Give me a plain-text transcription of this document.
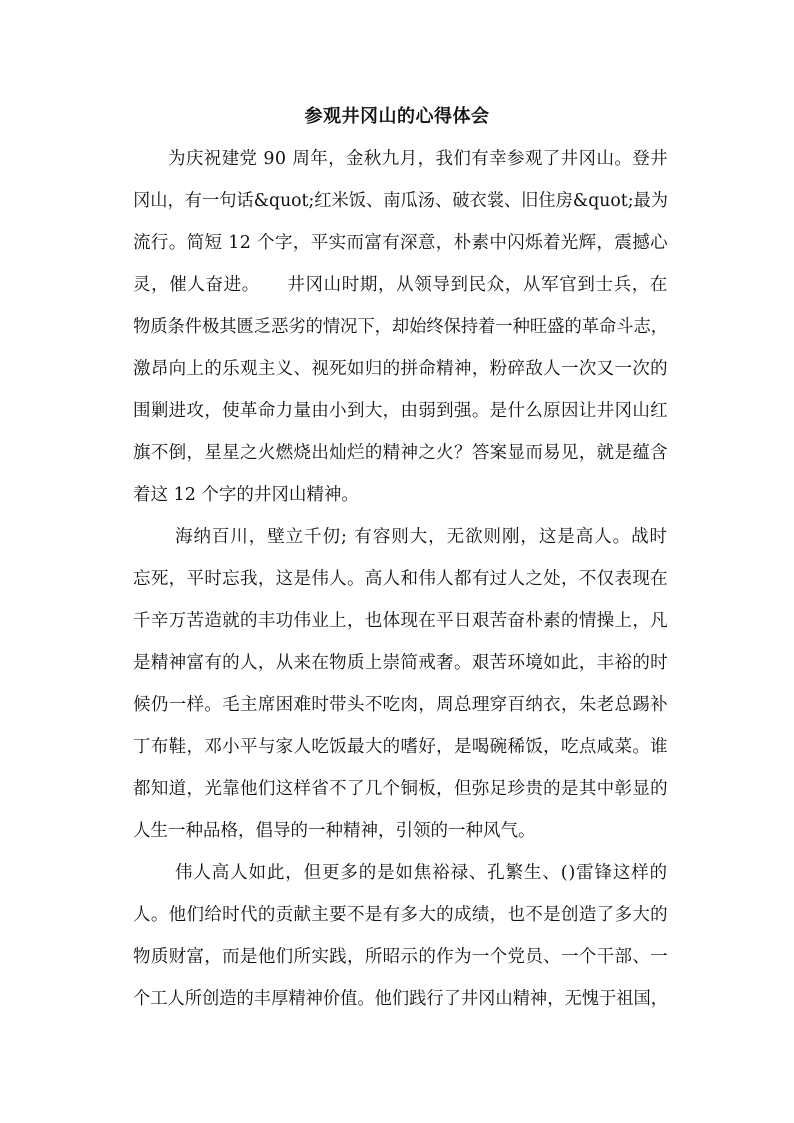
参观井冈山的心得体会
为庆祝建党 90 周年，金秋九月，我们有幸参观了井冈山。登井
冈山，有一句话&quot;红米饭、南瓜汤、破衣裳、旧住房&quot;最为
流行。简短 12 个字，平实而富有深意，朴素中闪烁着光辉，震撼心
灵，催人奋进。　　井冈山时期，从领导到民众，从军官到士兵，在
物质条件极其匮乏恶劣的情况下，却始终保持着一种旺盛的革命斗志，
激昂向上的乐观主义、视死如归的拼命精神，粉碎敌人一次又一次的
围剿进攻，使革命力量由小到大，由弱到强。是什么原因让井冈山红
旗不倒，星星之火燃烧出灿烂的精神之火？答案显而易见，就是蕴含
着这 12 个字的井冈山精神。
海纳百川，壁立千仞; 有容则大，无欲则刚，这是高人。战时
忘死，平时忘我，这是伟人。高人和伟人都有过人之处，不仅表现在
千辛万苦造就的丰功伟业上，也体现在平日艰苦奋朴素的情操上，凡
是精神富有的人，从来在物质上崇简戒奢。艰苦环境如此，丰裕的时
候仍一样。毛主席困难时带头不吃肉，周总理穿百纳衣，朱老总踢补
丁布鞋，邓小平与家人吃饭最大的嗜好，是喝碗稀饭，吃点咸菜。谁
都知道，光靠他们这样省不了几个铜板，但弥足珍贵的是其中彰显的
人生一种品格，倡导的一种精神，引领的一种风气。
伟人高人如此，但更多的是如焦裕禄、孔繁生、()雷锋这样的
人。他们给时代的贡献主要不是有多大的成绩，也不是创造了多大的
物质财富，而是他们所实践，所昭示的作为一个党员、一个干部、一
个工人所创造的丰厚精神价值。他们践行了井冈山精神，无愧于祖国，
